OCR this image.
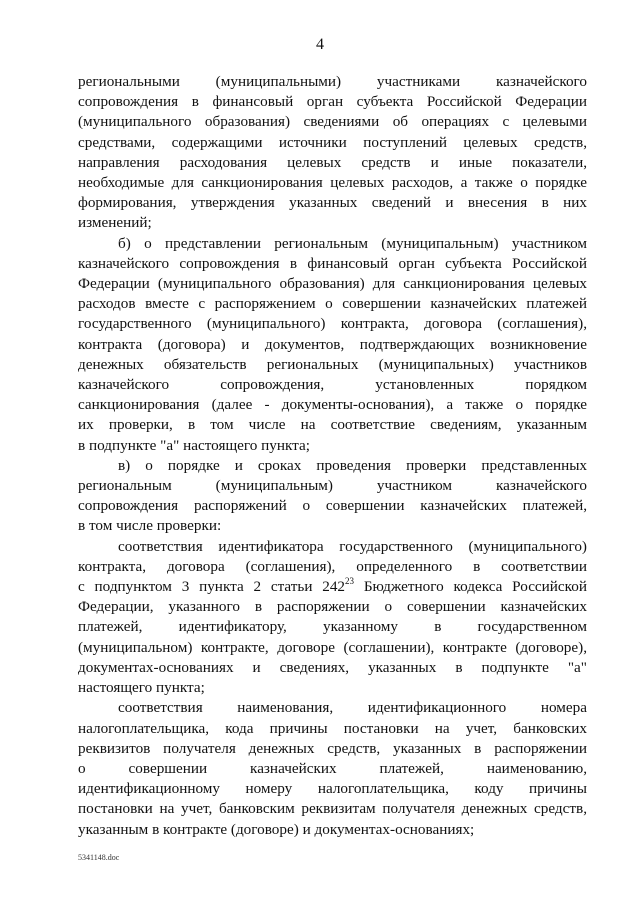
4
региональными (муниципальными) участниками казначейского
сопровождения в финансовый орган субъекта Российской Федерации
(муниципального образования) сведениями об операциях с целевыми
средствами, содержащими источники поступлений целевых средств,
направления расходования целевых средств и иные показатели,
необходимые для санкционирования целевых расходов, а также о порядке
формирования, утверждения указанных сведений и внесения в них
изменений;
б) о представлении региональным (муниципальным) участником
казначейского сопровождения в финансовый орган субъекта Российской
Федерации (муниципального образования) для санкционирования целевых
расходов вместе с распоряжением о совершении казначейских платежей
государственного (муниципального) контракта, договора (соглашения),
контракта (договора) и документов, подтверждающих возникновение
денежных обязательств региональных (муниципальных) участников
казначейского сопровождения, установленных порядком
санкционирования (далее - документы-основания), а также о порядке
их проверки, в том числе на соответствие сведениям, указанным
в подпункте "а" настоящего пункта;
в) о порядке и сроках проведения проверки представленных
региональным (муниципальным) участником казначейского
сопровождения распоряжений о совершении казначейских платежей,
в том числе проверки:
соответствия идентификатора государственного (муниципального)
контракта, договора (соглашения), определенного в соответствии
с подпунктом 3 пункта 2 статьи $242^{23}$ Бюджетного кодекса Российской
Федерации, указанного в распоряжении о совершении казначейских
платежей, идентификатору, указанному в государственном
(муниципальном) контракте, договоре (соглашении), контракте (договоре),
документах-основаниях и сведениях, указанных в подпункте "а"
настоящего пункта;
соответствия наименования, идентификационного номера
налогоплательщика, кода причины постановки на учет, банковских
реквизитов получателя денежных средств, указанных в распоряжении
о совершении казначейских платежей, наименованию,
идентификационному номеру налогоплательщика, коду причины
постановки на учет, банковским реквизитам получателя денежных средств,
указанным в контракте (договоре) и документах-основаниях;
5341148.doc
